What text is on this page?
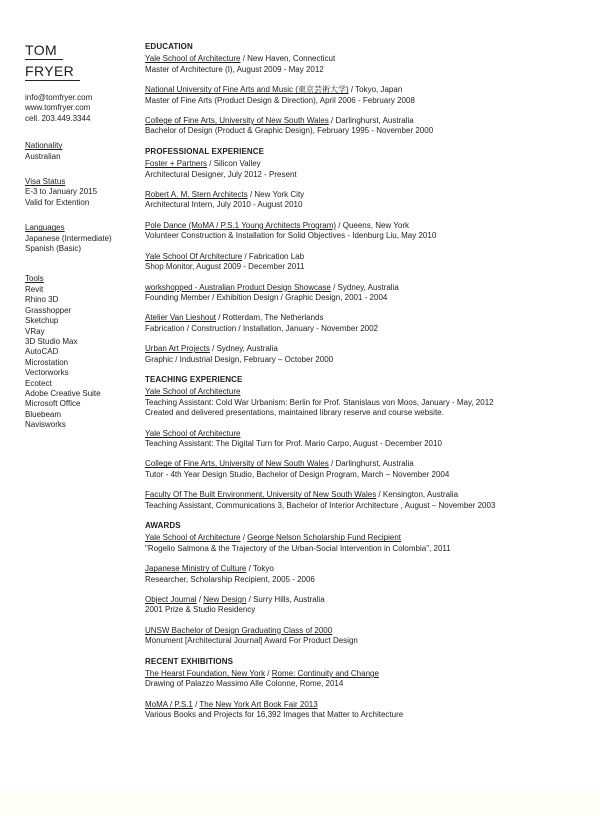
TOM
FRYER
info@tomfryer.com
www.tomfryer.com
cell. 203.449.3344
Nationality
Australian
Visa Status
E-3 to January 2015
Valid for Extention
Languages
Japanese (Intermediate)
Spanish (Basic)
Tools
Revit
Rhino 3D
Grasshopper
Sketchup
VRay
3D Studio Max
AutoCAD
Microstation
Vectorworks
Ecotect
Adobe Creative Suite
Microsoft Office
Bluebeam
Navisworks
EDUCATION
Yale School of Architecture / New Haven, Connecticut
Master of Architecture (I), August 2009 - May 2012
National University of Fine Arts and Music (東京芸術大学) / Tokyo, Japan
Master of Fine Arts (Product Design & Direction), April 2006 - February 2008
College of Fine Arts, University of New South Wales / Darlinghurst, Australia
Bachelor of Design (Product & Graphic Design), February 1995 - November 2000
PROFESSIONAL EXPERIENCE
Foster + Partners / Silicon Valley
Architectural Designer, July 2012 - Present
Robert A. M. Stern Architects / New York City
Architectural Intern, July 2010 - August 2010
Pole Dance (MoMA / P.S.1 Young Architects Program) / Queens, New York
Volunteer Construction & Installation for Solid Objectives - Idenburg Liu, May 2010
Yale School Of Architecture / Fabrication Lab
Shop Monitor, August 2009 - December 2011
workshopped - Australian Product Design Showcase / Sydney, Australia
Founding Member / Exhibition Design / Graphic Design, 2001 - 2004
Atelier Van Lieshout / Rotterdam, The Netherlands
Fabrication / Construction / Installation, January - November 2002
Urban Art Projects / Sydney, Australia
Graphic / Industrial Design, February – October 2000
TEACHING EXPERIENCE
Yale School of Architecture
Teaching Assistant: Cold War Urbanism: Berlin for Prof. Stanislaus von Moos, January - May, 2012
Created and delivered presentations, maintained library reserve and course website.
Yale School of Architecture
Teaching Assistant: The Digital Turn for Prof. Mario Carpo, August - December 2010
College of Fine Arts, University of New South Wales / Darlinghurst, Australia
Tutor - 4th Year Design Studio, Bachelor of Design Program, March – November 2004
Faculty Of The Built Environment, University of New South Wales / Kensington, Australia
Teaching Assistant, Communications 3, Bachelor of Interior Architecture , August – November 2003
AWARDS
Yale School of Architecture / George Nelson Scholarship Fund Recipient
"Rogelio Salmona & the Trajectory of the Urban-Social Intervention in Colombia", 2011
Japanese Ministry of Culture / Tokyo
Researcher, Scholarship Recipient, 2005 - 2006
Object Journal / New Design / Surry Hills, Australia
2001 Prize & Studio Residency
UNSW Bachelor of Design Graduating Class of 2000
Monument [Architectural Journal] Award For Product Design
RECENT EXHIBITIONS
The Hearst Foundation, New York / Rome: Continuity and Change
Drawing of Palazzo Massimo Alle Colonne, Rome, 2014
MoMA / P.S.1 / The New York Art Book Fair 2013
Various Books and Projects for 16,392 Images that Matter to Architecture
